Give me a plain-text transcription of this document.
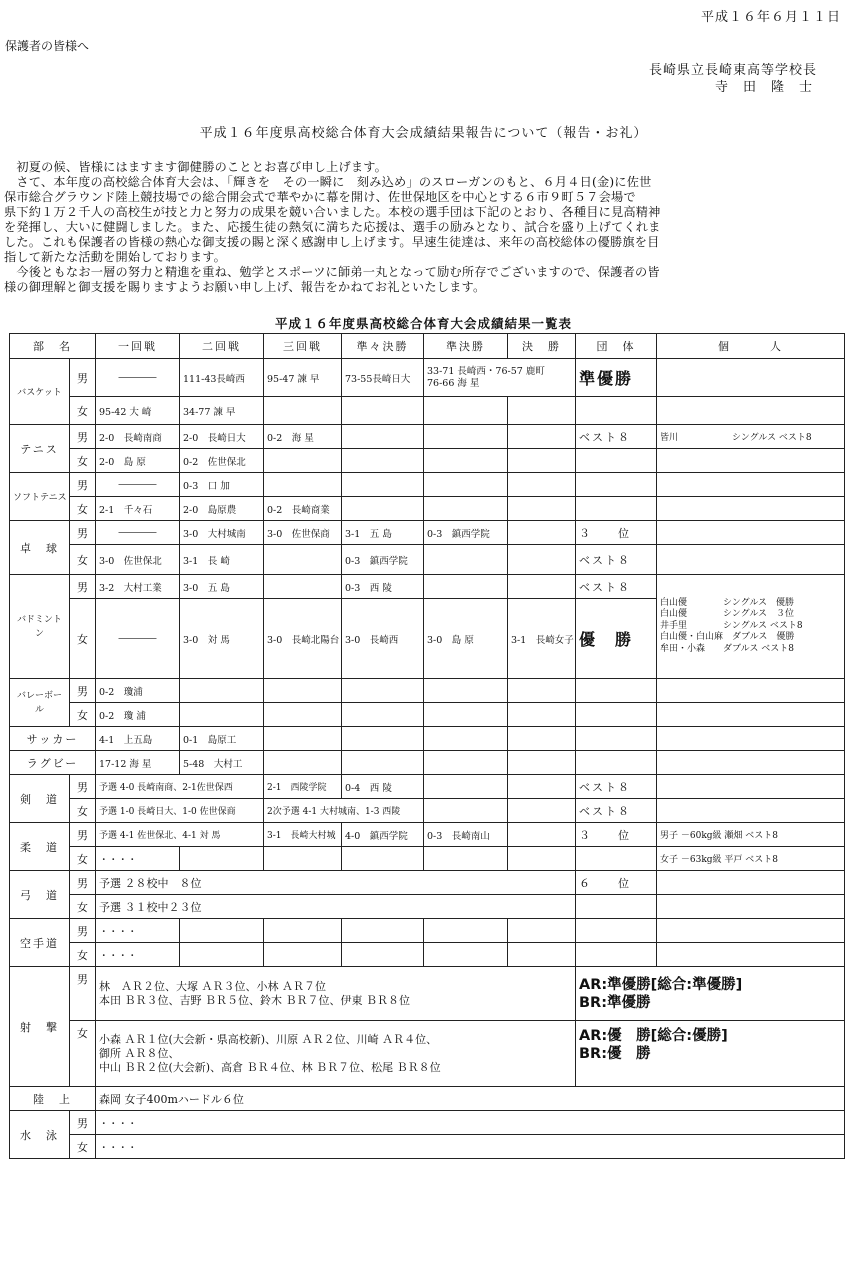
平成１６年６月１１日
保護者の皆様へ
長崎県立長崎東高等学校長
寺　田　隆　士
平成１６年度県高校総合体育大会成績結果報告について（報告・お礼）

　初夏の候、皆様にはますます御健勝のこととお喜び申し上げます。

　さて、本年度の高校総合体育大会は、「輝きを　その一瞬に　刻み込め」のスローガンのもと、６月４日(金)に佐世

保市総合グラウンド陸上競技場での総合開会式で華やかに幕を開け、佐世保地区を中心とする６市９町５７会場で

県下約１万２千人の高校生が技と力と努力の成果を競い合いました。本校の選手団は下記のとおり、各種目に見高精神

を発揮し、大いに健闘しました。また、応援生徒の熱気に満ちた応援は、選手の励みとなり、試合を盛り上げてくれま

した。これも保護者の皆様の熱心な御支援の賜と深く感謝申し上げます。早速生徒達は、来年の高校総体の優勝旗を目

指して新たな活動を開始しております。

　今後ともなお一層の努力と精進を重ね、勉学とスポーツに師弟一丸となって励む所存でございますので、保護者の皆

様の御理解と御支援を賜りますようお願い申し上げ、報告をかねてお礼といたします。

平成１６年度県高校総合体育大会成績結果一覧表
部　名		一回戦	二回戦	三回戦	準々決勝	準決勝	決　勝	団　体	個　　　人
バスケット	男	――――	111-43長崎西	95-47 諫 早	73-55長崎日大	33-71 長崎西・76-57 鹿町
76-66 海 星		準優勝	
	女	95-42 大 崎	34-77 諫 早						
テニス	男	2-0　長崎南商	2-0　長崎日大	0-2　海 星				ベスト８	皆川　　　　　　シングルス ベスト8
	女	2-0　島 原	0-2　佐世保北						
ソフトテニス	男	――――	0-3　口 加						
	女	2-1　千々石	2-0　島原農	0-2　長崎商業					
卓　球	男	――――	3-0　大村城南	3-0　佐世保商	3-1　五 島	0-3　鎮西学院		３　　位	
	女	3-0　佐世保北	3-1　長 崎		0-3　鎮西学院			ベスト８	
バドミントン	男	3-2　大村工業	3-0　五 島		0-3　西 陵			ベスト８	白山優　　　　シングルス　優勝
白山優　　　　シングルス　３位
井手里　　　　シングルス ベスト8
白山優・白山麻　ダブルス　優勝
牟田・小森　　ダブルス ベスト8
	女	――――	3-0　対 馬	3-0　長崎北陽台	3-0　長崎西	3-0　島 原	3-1　長崎女子	優　勝	
バレーボール	男	0-2　瓊浦							
	女	0-2　瓊 浦							
サッカー		4-1　上五島	0-1　島原工						
ラグビー		17-12 海 星	5-48　大村工						
剣　道	男	予選 4-0 長崎南商、2-1佐世保西		2-1　西陵学院	0-4　西 陵			ベスト８	
	女	予選 1-0 長崎日大、1-0 佐世保商		2次予選 4-1 大村城南、1-3 西陵				ベスト８	
柔　道	男	予選 4-1 佐世保北、4-1 対 馬		3-1　長崎大村城	4-0　鎮西学院	0-3　長崎南山		３　　位	男子 －60kg級 瀬畑 ベスト8
	女	・・・・							女子 －63kg級 平戸 ベスト8
弓　道	男	予選 ２８校中　８位						６　　位	
	女	予選 ３１校中２３位							
空手道	男	・・・・							
	女	・・・・							
射　撃	男	林　ＡＲ２位、大塚 ＡＲ３位、小林 ＡＲ７位
本田 ＢＲ３位、吉野 ＢＲ５位、鈴木 ＢＲ７位、伊東 ＢＲ８位						AR:準優勝[総合:準優勝]
BR:準優勝	
	女	小森 ＡＲ１位(大会新・県高校新)、川原 ＡＲ２位、川崎 ＡＲ４位、
御所 ＡＲ８位、
中山 ＢＲ２位(大会新)、高倉 ＢＲ４位、林 ＢＲ７位、松尾 ＢＲ８位						AR:優　勝[総合:優勝]
BR:優　勝	
陸　上		森岡 女子400mハードル６位							
水　泳	男	・・・・							
	女	・・・・							
